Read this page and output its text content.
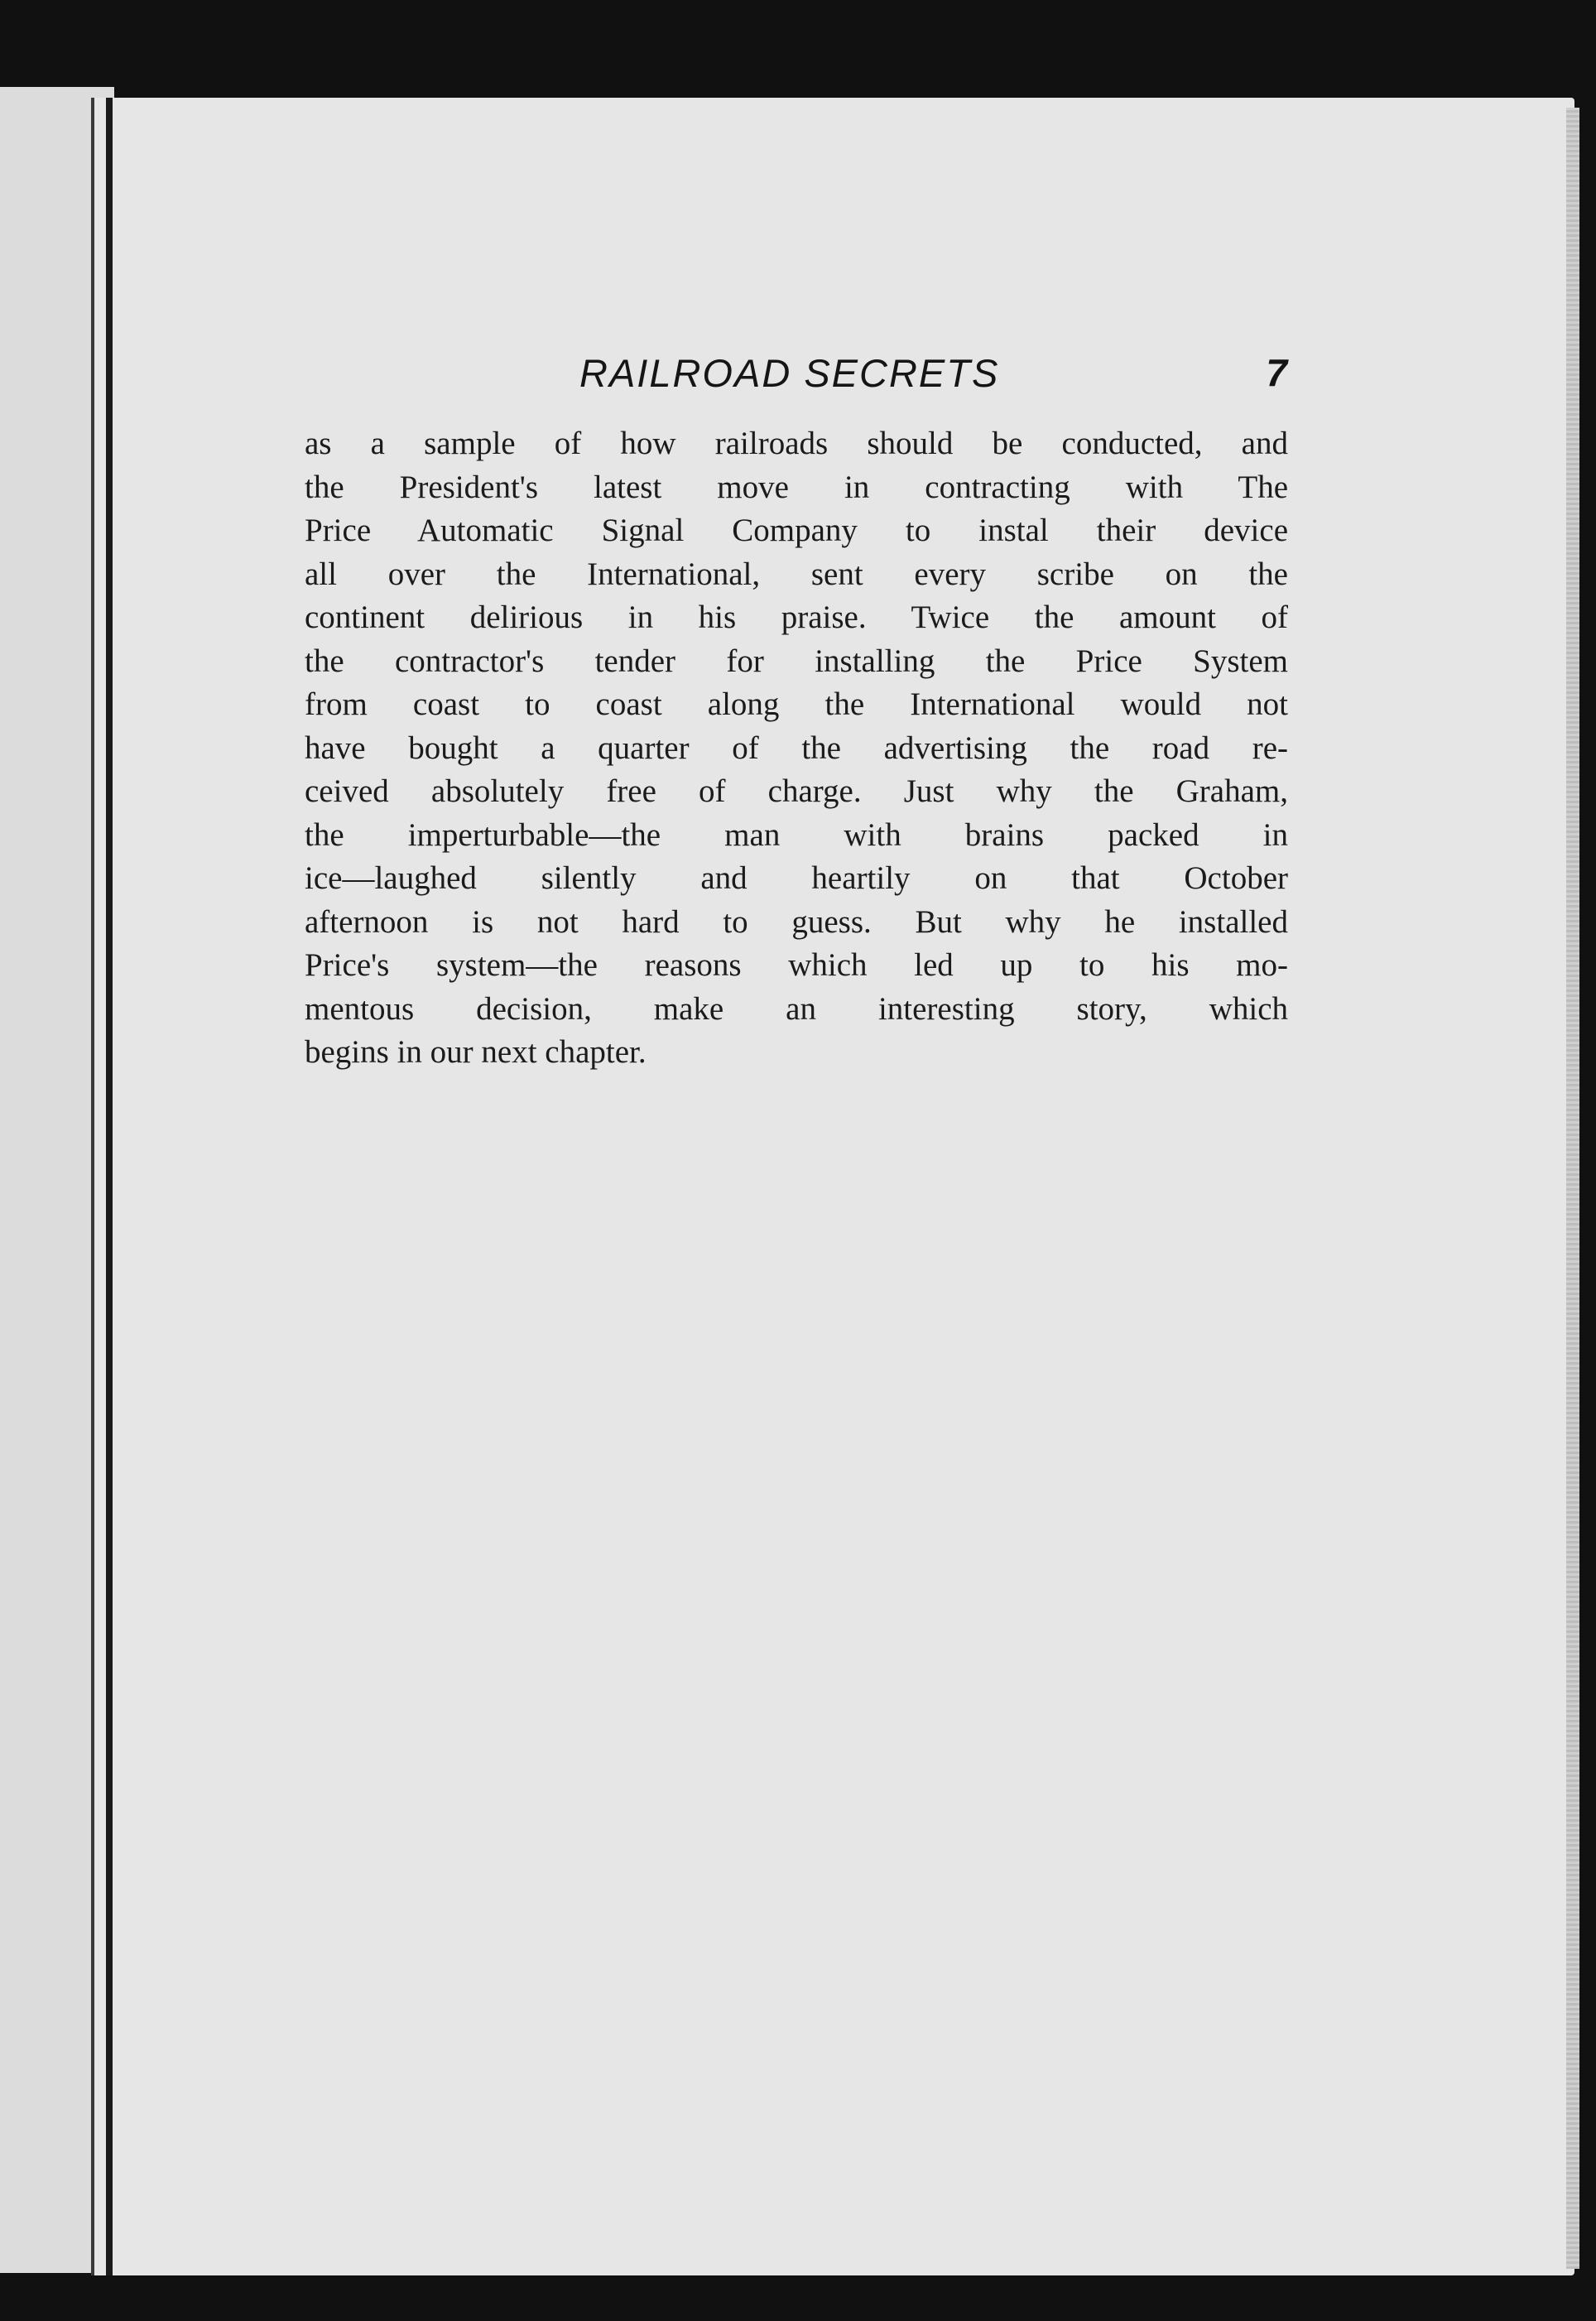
RAILROAD SECRETS	7
as a sample of how railroads should be conducted, and
the President's latest move in contracting with The
Price Automatic Signal Company to instal their device
all over the International, sent every scribe on the
continent delirious in his praise. Twice the amount of
the contractor's tender for installing the Price System
from coast to coast along the International would not
have bought a quarter of the advertising the road re-
ceived absolutely free of charge. Just why the Graham,
the imperturbable—the man with brains packed in
ice—laughed silently and heartily on that October
afternoon is not hard to guess. But why he installed
Price's system—the reasons which led up to his mo-
mentous decision, make an interesting story, which
begins in our next chapter.
